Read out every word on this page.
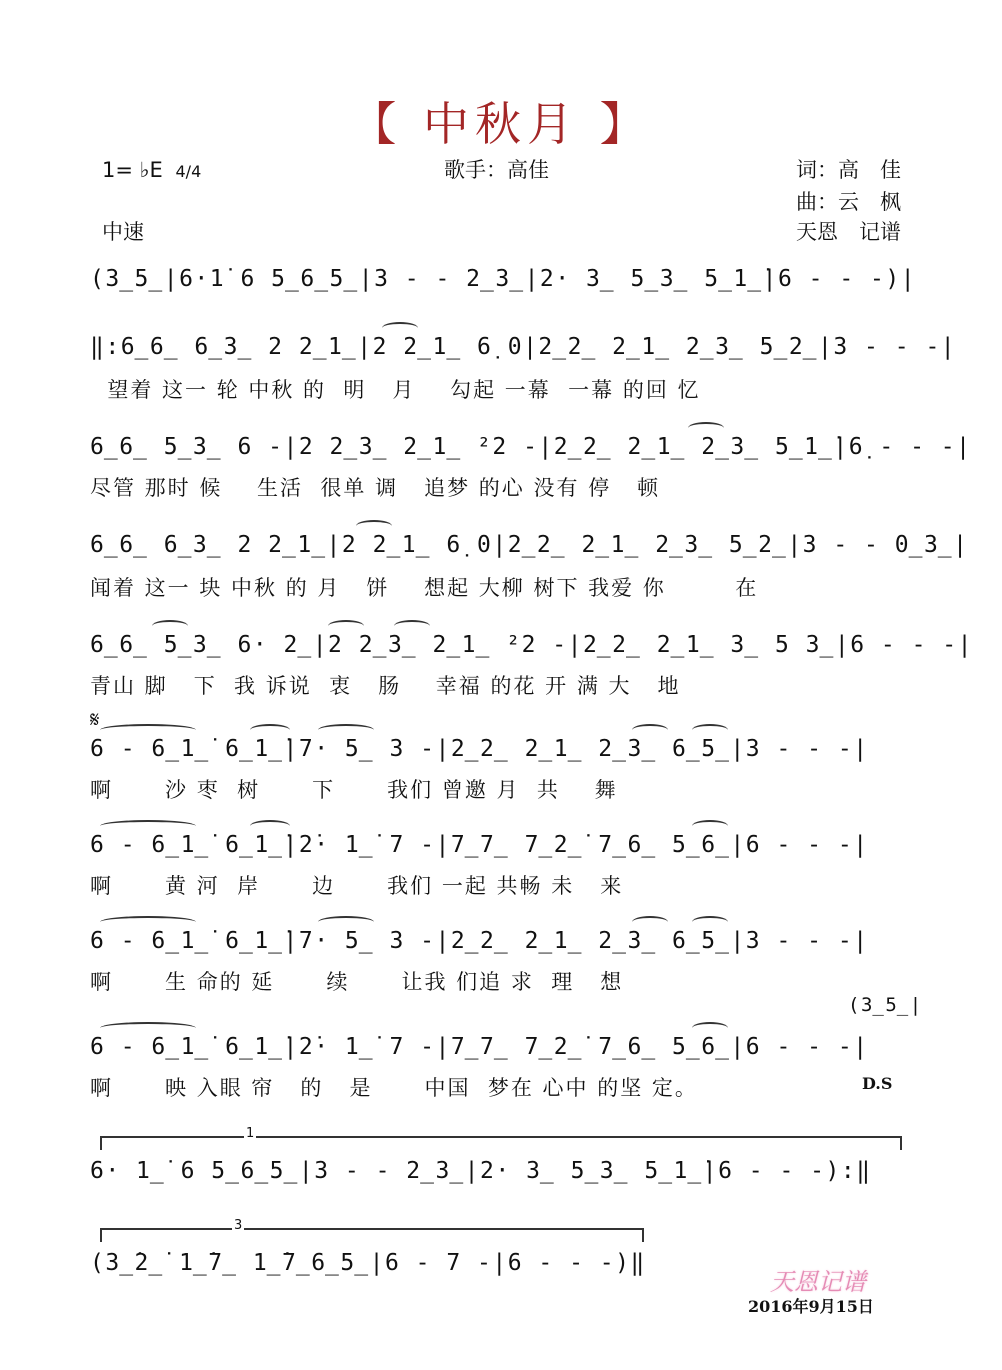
【 中秋月 】
1= ♭E 4/4	歌手：高佳	词：高　佳
曲：云　枫
中速	天恩　记谱
(3̲5̲|6·1̇ 6 5̲6̲5̲|3 - - 2̲3̲|2· 3̲ 5̲3̲ 5̲1̲̇|6 - - -)|
‖:6̲6̲ 6̲3̲ 2 2̲1̲|2 2̲1̲ 6̣ 0|2̲2̲ 2̲1̲ 2̲3̲ 5̲2̲|3 - - -|
望着 这一 轮 中秋 的  明   月    勾起 一幕  一幕 的回 忆
6̲6̲ 5̲3̲ 6 -|2 2̲3̲ 2̲1̲ ²2 -|2̲2̲ 2̲1̲ 2̲3̲ 5̲1̲̇|6̣ - - -|
尽管 那时 候    生活  很单 调   追梦 的心 没有 停   顿
6̲6̲ 6̲3̲ 2 2̲1̲|2 2̲1̲ 6̣ 0|2̲2̲ 2̲1̲ 2̲3̲ 5̲2̲|3 - - 0̲3̲|
闻着 这一 块 中秋 的 月   饼    想起 大柳 树下 我爱 你        在
6̲6̲ 5̲3̲ 6· 2̲|2 2̲3̲ 2̲1̲ ²2 -|2̲2̲ 2̲1̲ 3̲ 5 3̲|6 - - -|
青山 脚   下  我 诉说  衷   肠    幸福 的花 开 满 大   地
𝄋
6 - 6̲1̲̇ 6̲1̲̇|7· 5̲ 3 -|2̲2̲ 2̲1̲ 2̲3̲ 6̲5̲|3 - - -|
啊      沙 枣  树      下      我们 曾邀 月  共    舞
6 - 6̲1̲̇ 6̲1̲̇|2̇· 1̲̇ 7 -|7̲7̲ 7̲2̲̇ 7̲6̲ 5̲6̲|6 - - -|
啊      黄 河  岸      边      我们 一起 共畅 未   来
6 - 6̲1̲̇ 6̲1̲̇|7· 5̲ 3 -|2̲2̲ 2̲1̲ 2̲3̲ 6̲5̲|3 - - -|
啊      生 命的 延      续      让我 们追 求  理   想
(3̲5̲|
6 - 6̲1̲̇ 6̲1̲̇|2̇· 1̲̇ 7 -|7̲7̲ 7̲2̲̇ 7̲6̲ 5̲6̲|6 - - -|
啊      映 入眼 帘   的   是      中国  梦在 心中 的坚 定。	D.S
1
6· 1̲̇ 6 5̲6̲5̲|3 - - 2̲3̲|2· 3̲ 5̲3̲ 5̲1̲̇|6 - - -):‖
3
(3̲̇2̲̇ 1̲̇7̲ 1̲̇7̲6̲5̲|6 - 7 -|6 - - -)‖
天恩记谱
2016年9月15日
